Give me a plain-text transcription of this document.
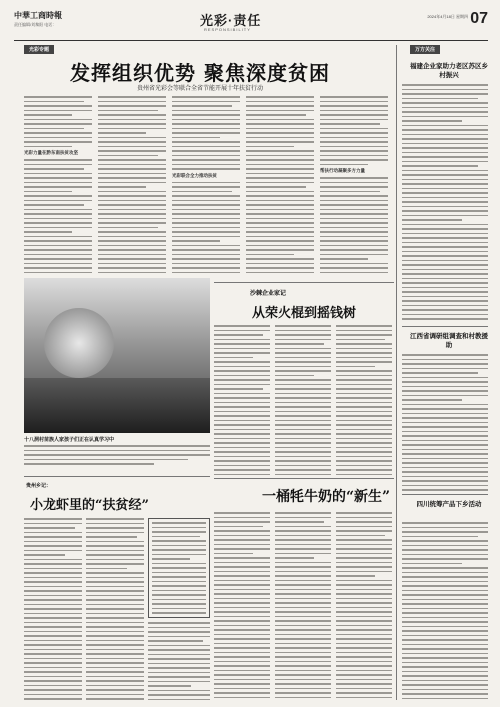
中華工商時報
责任编辑/刘黎阳 电话：	光彩·责任
RESPONSIBILITY
2024年4月18日 星期四 07
光彩专题	万方关注
发挥组织优势 聚焦深度贫困
贵州省光彩会等联合全省节能开展十年扶贫行动
光彩力量在黔东南扶贫攻坚
光彩联合全力推动扶贫
帮扶行动凝聚多方力量
十八洞村苗族人家孩子们正在认真学习中
沙棘企业家记
从荣火棍到摇钱树
一桶牦牛奶的“新生”
贵州乡记：
小龙虾里的“扶贫经”
福建企业家助力老区苏区乡村振兴
江西省调研组调查和村教援助
四川统筹产品下乡活动
